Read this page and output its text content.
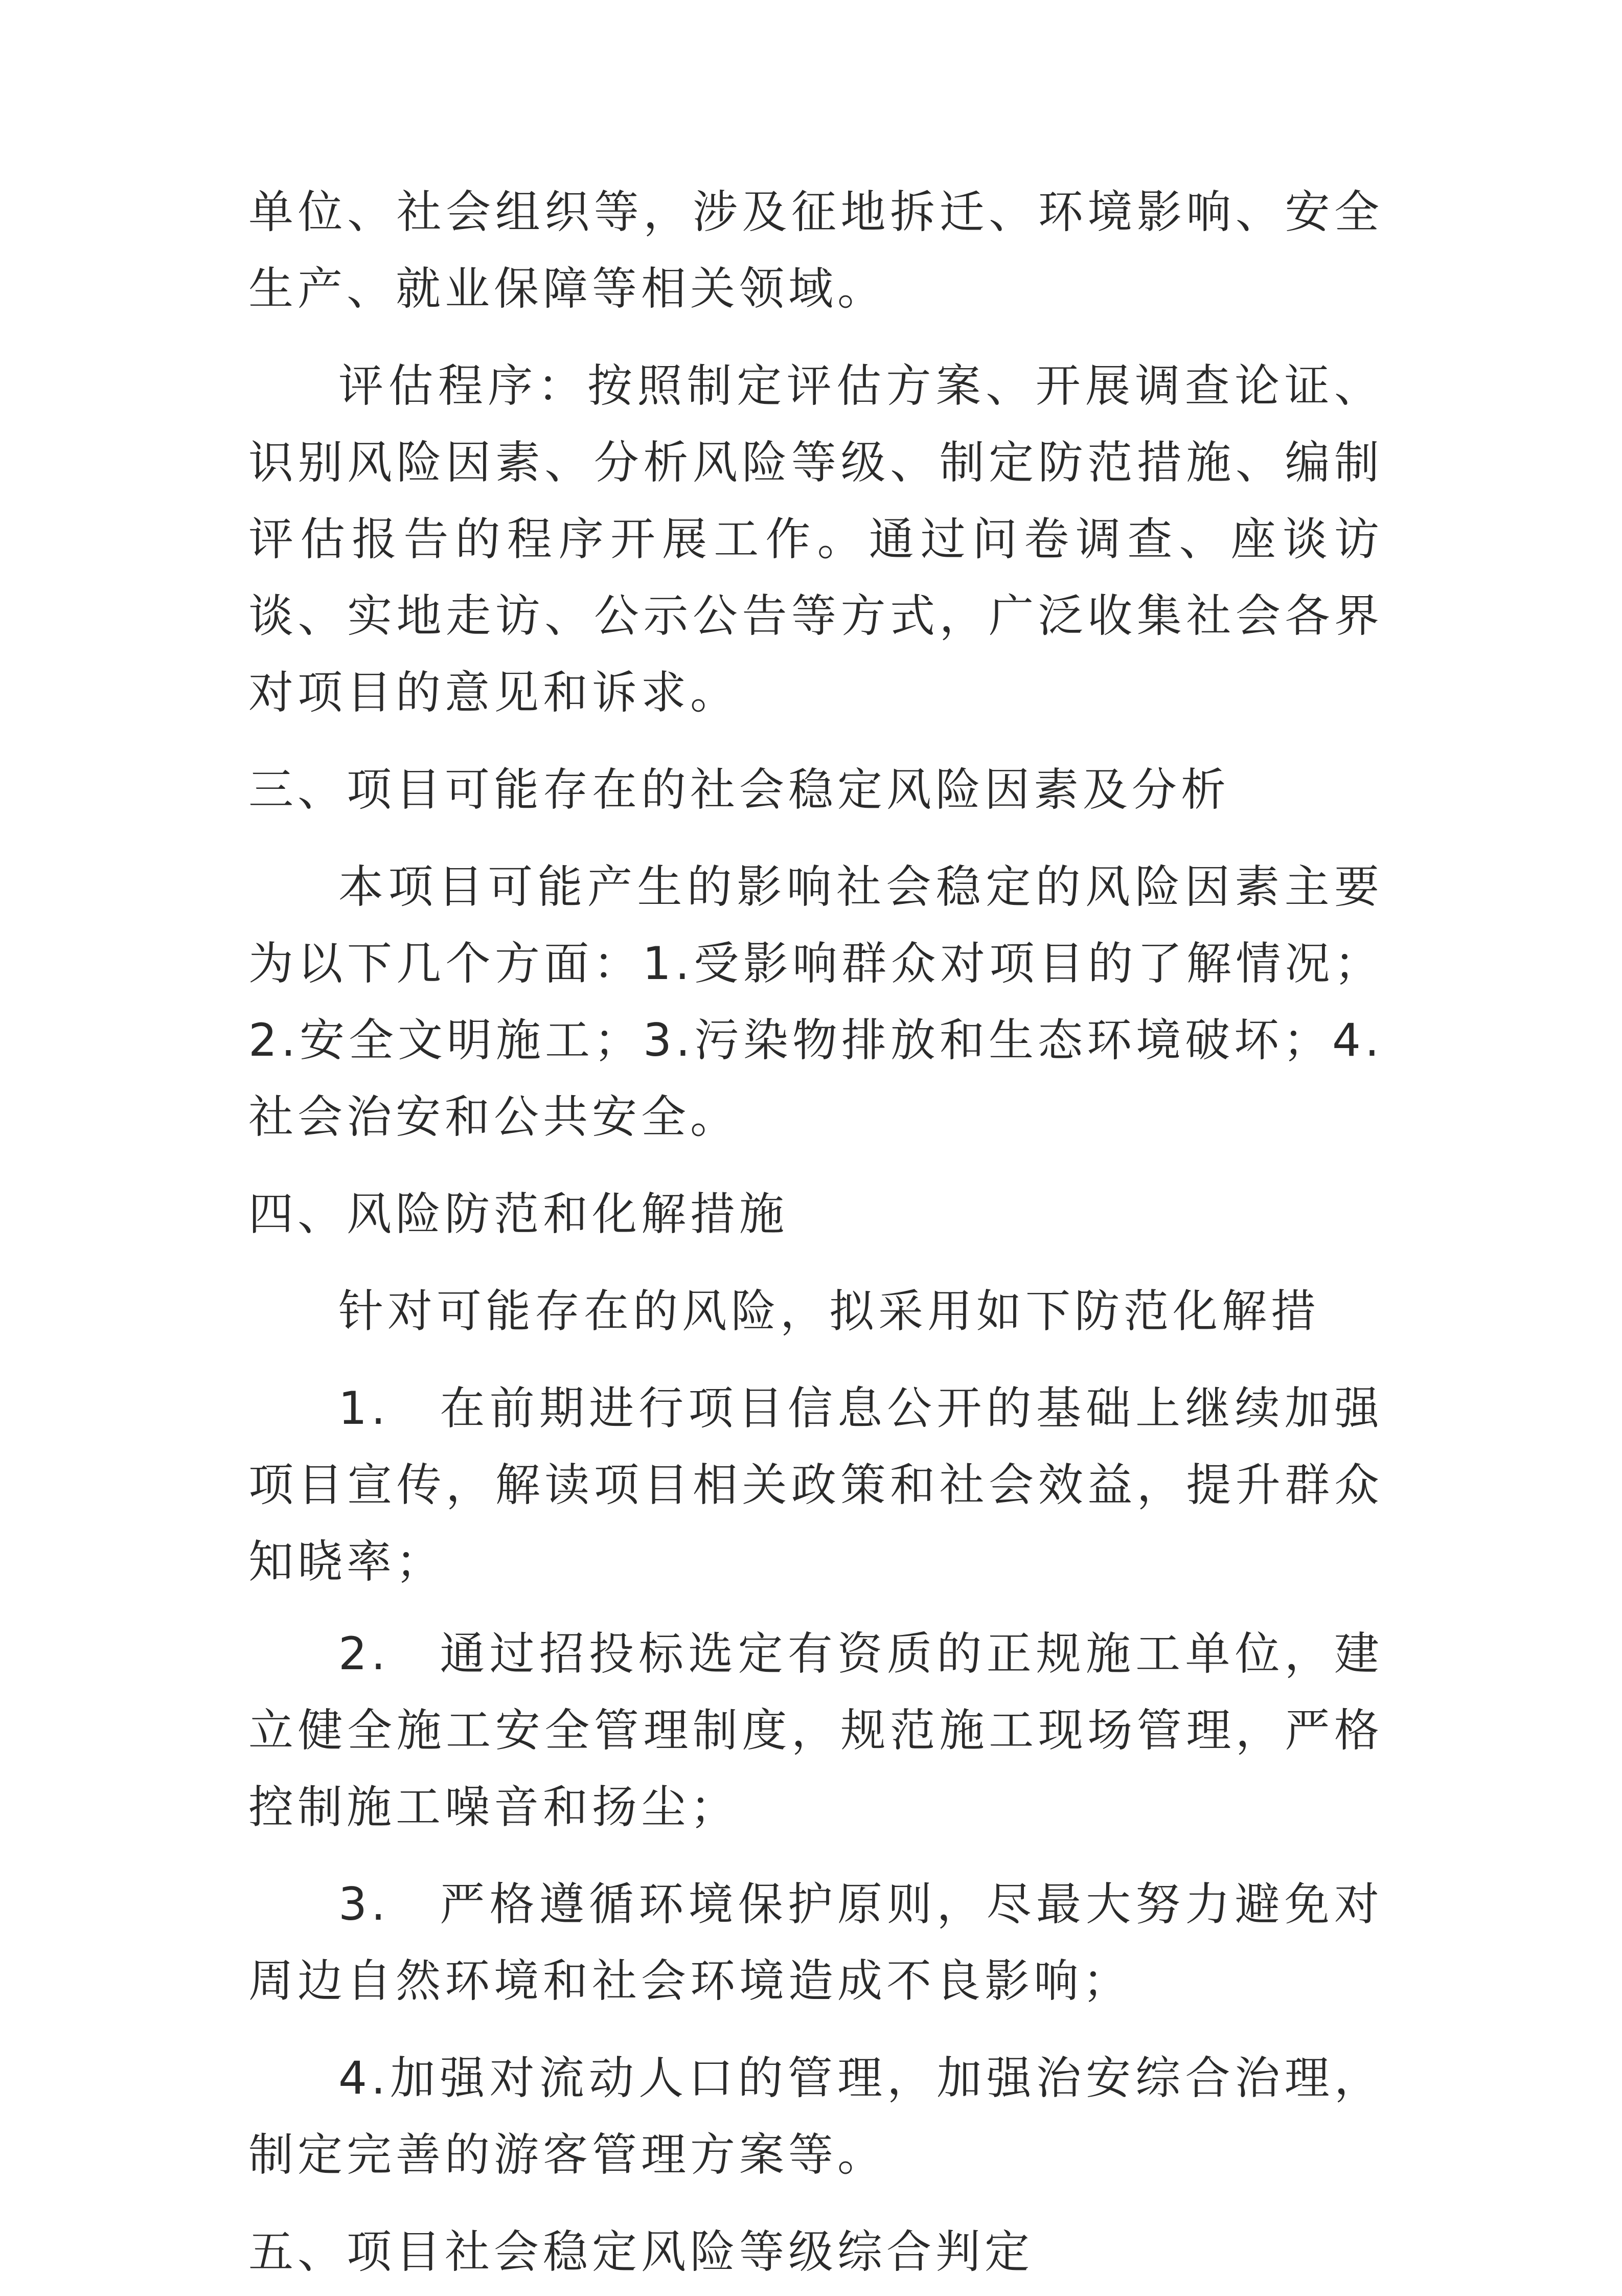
单位、社会组织等，涉及征地拆迁、环境影响、安全生产、就业保障等相关领域。

评估程序：按照制定评估方案、开展调查论证、识别风险因素、分析风险等级、制定防范措施、编制评估报告的程序开展工作。通过问卷调查、座谈访谈、实地走访、公示公告等方式，广泛收集社会各界对项目的意见和诉求。

三、项目可能存在的社会稳定风险因素及分析

本项目可能产生的影响社会稳定的风险因素主要为以下几个方面：1.受影响群众对项目的了解情况；2.安全文明施工；3.污染物排放和生态环境破坏；4.社会治安和公共安全。

四、风险防范和化解措施

针对可能存在的风险，拟采用如下防范化解措

1.　在前期进行项目信息公开的基础上继续加强项目宣传，解读项目相关政策和社会效益，提升群众知晓率；

2.　通过招投标选定有资质的正规施工单位，建立健全施工安全管理制度，规范施工现场管理，严格控制施工噪音和扬尘；

3.　严格遵循环境保护原则，尽最大努力避免对周边自然环境和社会环境造成不良影响；

4.加强对流动人口的管理，加强治安综合治理，制定完善的游客管理方案等。

五、项目社会稳定风险等级综合判定
